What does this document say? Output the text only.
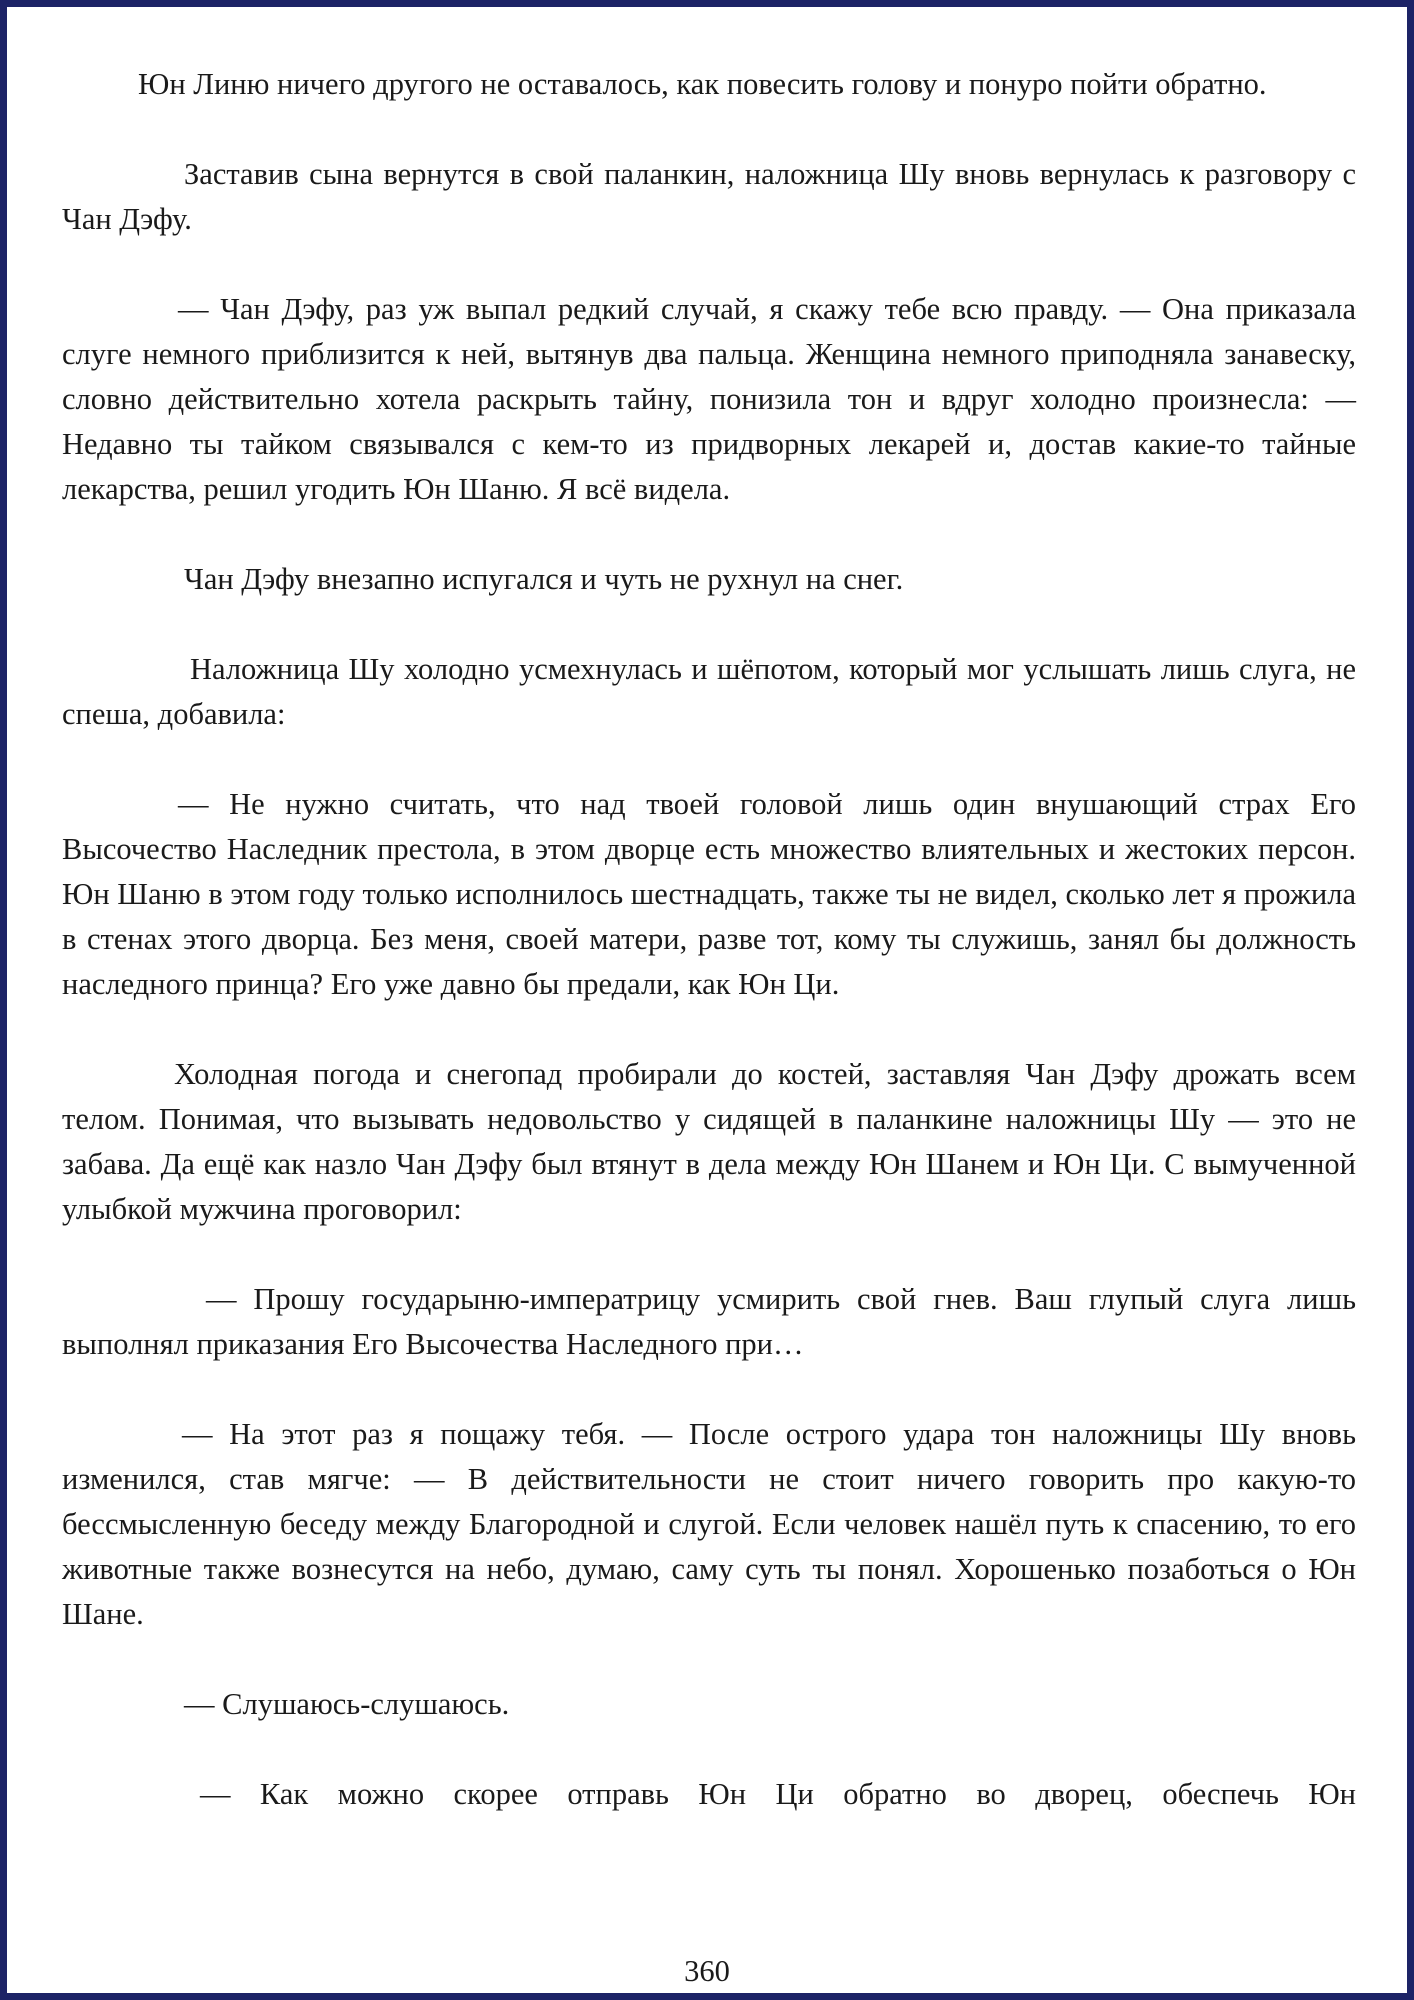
Юн Линю ничего другого не оставалось, как повесить голову и понуро пойти обратно.

Заставив сына вернутся в свой паланкин, наложница Шу вновь вернулась к разговору с Чан Дэфу.

— Чан Дэфу, раз уж выпал редкий случай, я скажу тебе всю правду. — Она приказала слуге немного приблизится к ней, вытянув два пальца. Женщина немного приподняла занавеску, словно действительно хотела раскрыть тайну, понизила тон и вдруг холодно произнесла: — Недавно ты тайком связывался с кем-то из придворных лекарей и, достав какие-то тайные лекарства, решил угодить Юн Шаню. Я всё видела.

Чан Дэфу внезапно испугался и чуть не рухнул на снег.

Наложница Шу холодно усмехнулась и шёпотом, который мог услышать лишь слуга, не спеша, добавила:

— Не нужно считать, что над твоей головой лишь один внушающий страх Его Высочество Наследник престола, в этом дворце есть множество влиятельных и жестоких персон. Юн Шаню в этом году только исполнилось шестнадцать, также ты не видел, сколько лет я прожила в стенах этого дворца. Без меня, своей матери, разве тот, кому ты служишь, занял бы должность наследного принца? Его уже давно бы предали, как Юн Ци.

Холодная погода и снегопад пробирали до костей, заставляя Чан Дэфу дрожать всем телом. Понимая, что вызывать недовольство у сидящей в паланкине наложницы Шу — это не забава. Да ещё как назло Чан Дэфу был втянут в дела между Юн Шанем и Юн Ци. С вымученной улыбкой мужчина проговорил:

— Прошу государыню-императрицу усмирить свой гнев. Ваш глупый слуга лишь выполнял приказания Его Высочества Наследного при…

— На этот раз я пощажу тебя. — После острого удара тон наложницы Шу вновь изменился, став мягче: — В действительности не стоит ничего говорить про какую-то бессмысленную беседу между Благородной и слугой. Если человек нашёл путь к спасению, то его животные также вознесутся на небо, думаю, саму суть ты понял. Хорошенько позаботься о Юн Шане.

— Слушаюсь-слушаюсь.

— Как можно скорее отправь Юн Ци обратно во дворец, обеспечь Юн

360
